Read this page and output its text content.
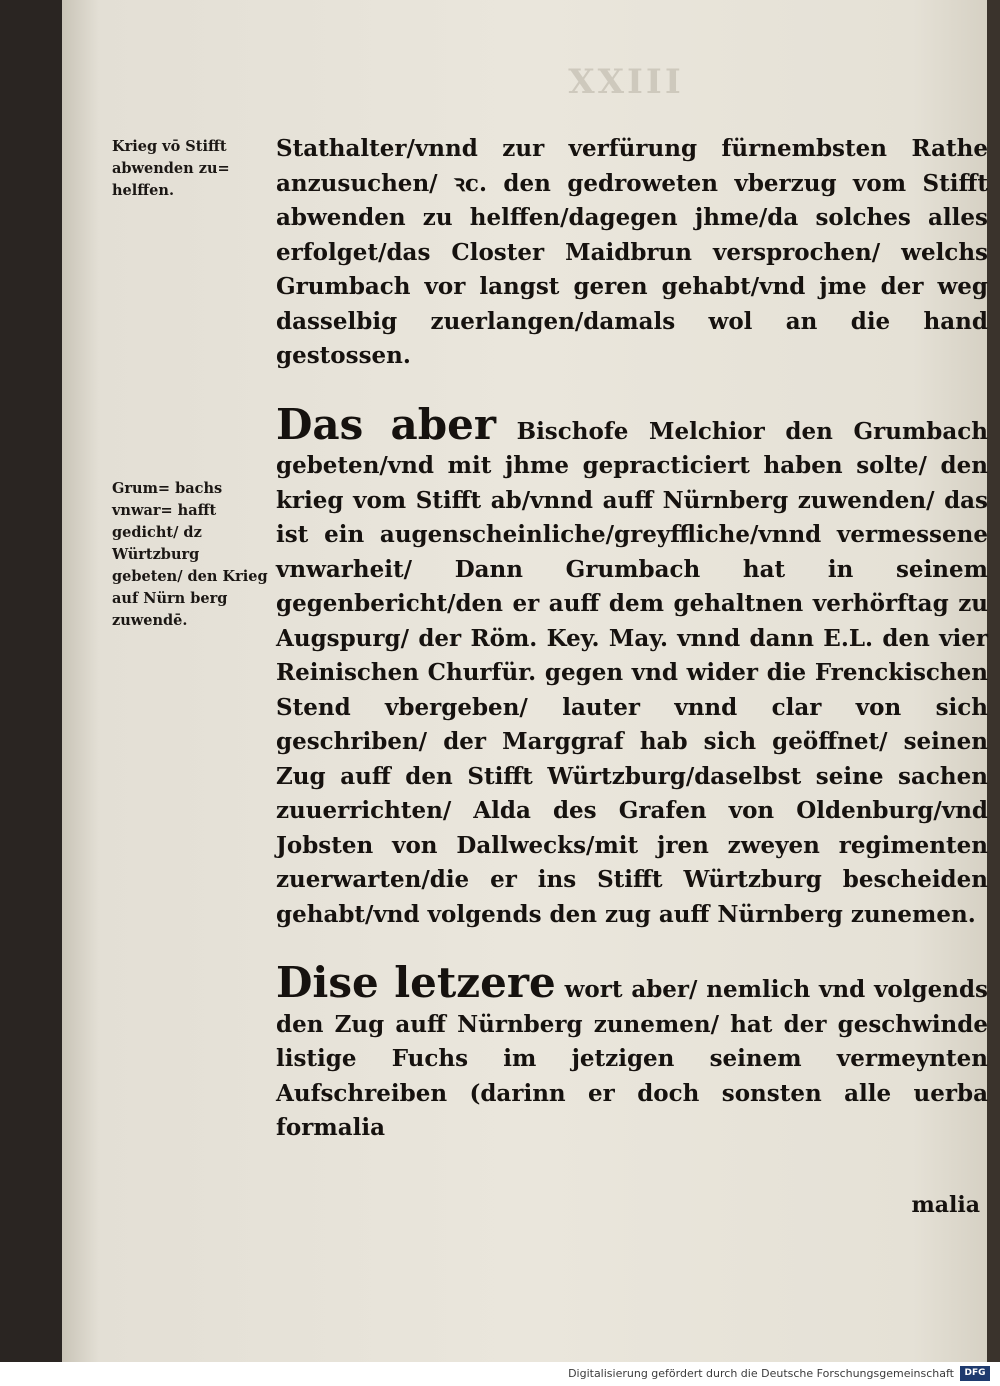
XXIII
Krieg vō Stifft abwenden zu= helffen.
Grum= bachs vnwar= hafft gedicht/ dz Würtzburg gebeten/ den Krieg auf Nürn berg zuwendē.

Stathalter/vnnd zur verfürung fürnembsten Rathe anzusuchen/ ꝛc. den gedroweten vberzug vom Stifft abwenden zu helffen/dagegen jhme/da solches alles erfolget/das Closter Maidbrun versprochen/ welchs Grumbach vor langst geren gehabt/vnd jme der weg dasselbig zuerlangen/damals wol an die hand gestossen.

Das aber Bischofe Melchior den Grumbach gebeten/vnd mit jhme gepracticiert haben solte/ den krieg vom Stifft ab/vnnd auff Nürnberg zuwenden/ das ist ein augenscheinliche/greyffliche/vnnd vermessene vnwarheit/ Dann Grumbach hat in seinem gegenbericht/den er auff dem gehaltnen verhörftag zu Augspurg/ der Röm. Key. May. vnnd dann E.L. den vier Reinischen Churfür. gegen vnd wider die Frenckischen Stend vbergeben/ lauter vnnd clar von sich geschriben/ der Marggraf hab sich geöffnet/ seinen Zug auff den Stifft Würtzburg/daselbst seine sachen zuuerrichten/ Alda des Grafen von Oldenburg/vnd Jobsten von Dallwecks/mit jren zweyen regimenten zuerwarten/die er ins Stifft Würtzburg bescheiden gehabt/vnd volgends den zug auff Nürnberg zunemen.

Dise letzere wort aber/ nemlich vnd volgends den Zug auff Nürnberg zunemen/ hat der geschwinde listige Fuchs im jetzigen seinem vermeynten Aufschreiben (darinn er doch sonsten alle uerba formalia

malia
Digitalisierung gefördert durch die Deutsche Forschungsgemeinschaft	DFG
